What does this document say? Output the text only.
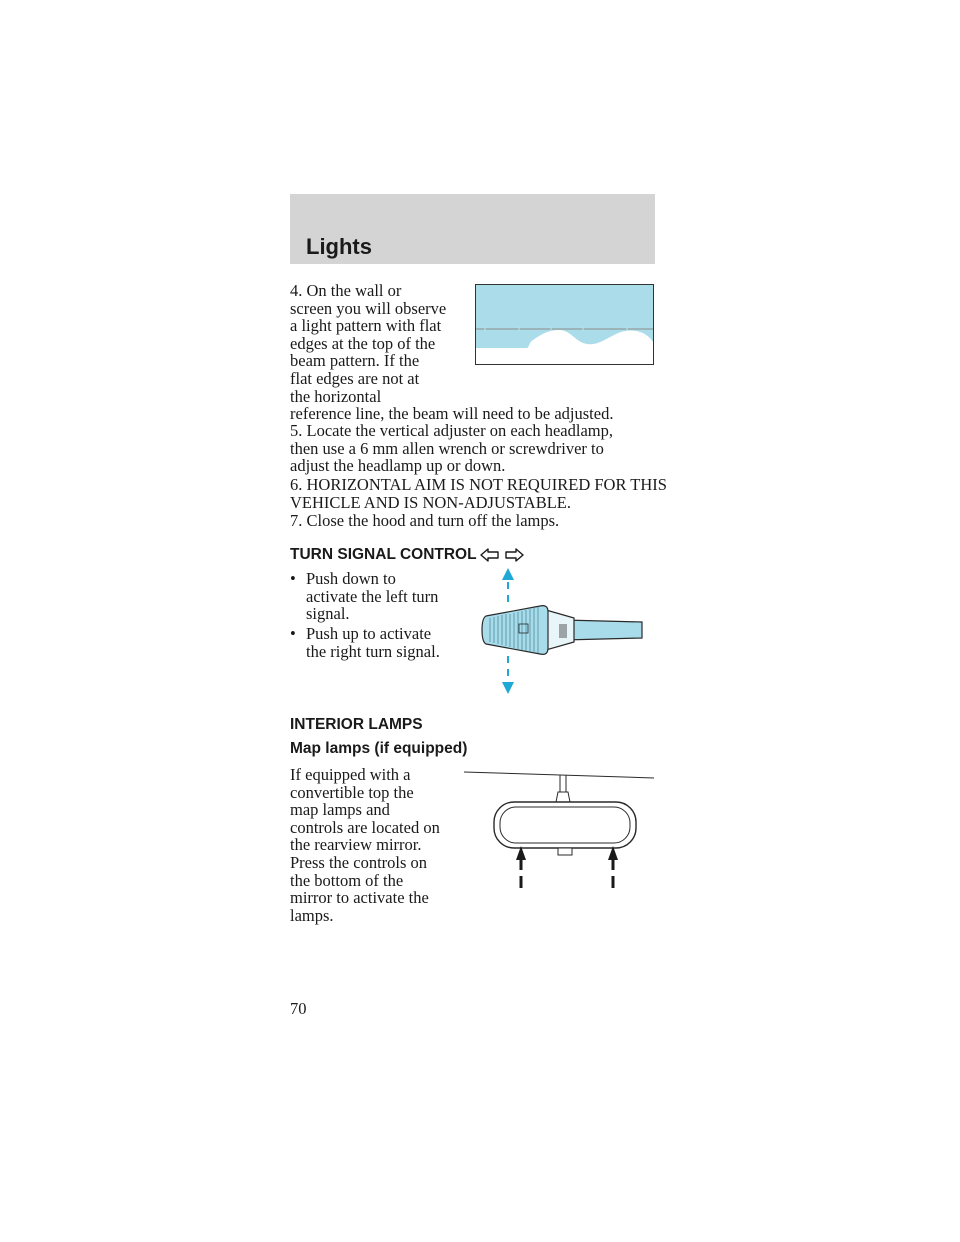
Lights

4. On the wall or
screen you will observe
a light pattern with flat
edges at the top of the
beam pattern. If the
flat edges are not at
the horizontal
reference line, the beam will need to be adjusted.

5. Locate the vertical adjuster on each headlamp,
then use a 6 mm allen wrench or screwdriver to
adjust the headlamp up or down.

6. HORIZONTAL AIM IS NOT REQUIRED FOR THIS
VEHICLE AND IS NON-ADJUSTABLE.

7. Close the hood and turn off the lamps.

TURN SIGNAL CONTROL
• Push down to
activate the left turn
signal.
• Push up to activate
the right turn signal.
INTERIOR LAMPS
Map lamps (if equipped)

If equipped with a
convertible top the
map lamps and
controls are located on
the rearview mirror.
Press the controls on
the bottom of the
mirror to activate the
lamps.

70
